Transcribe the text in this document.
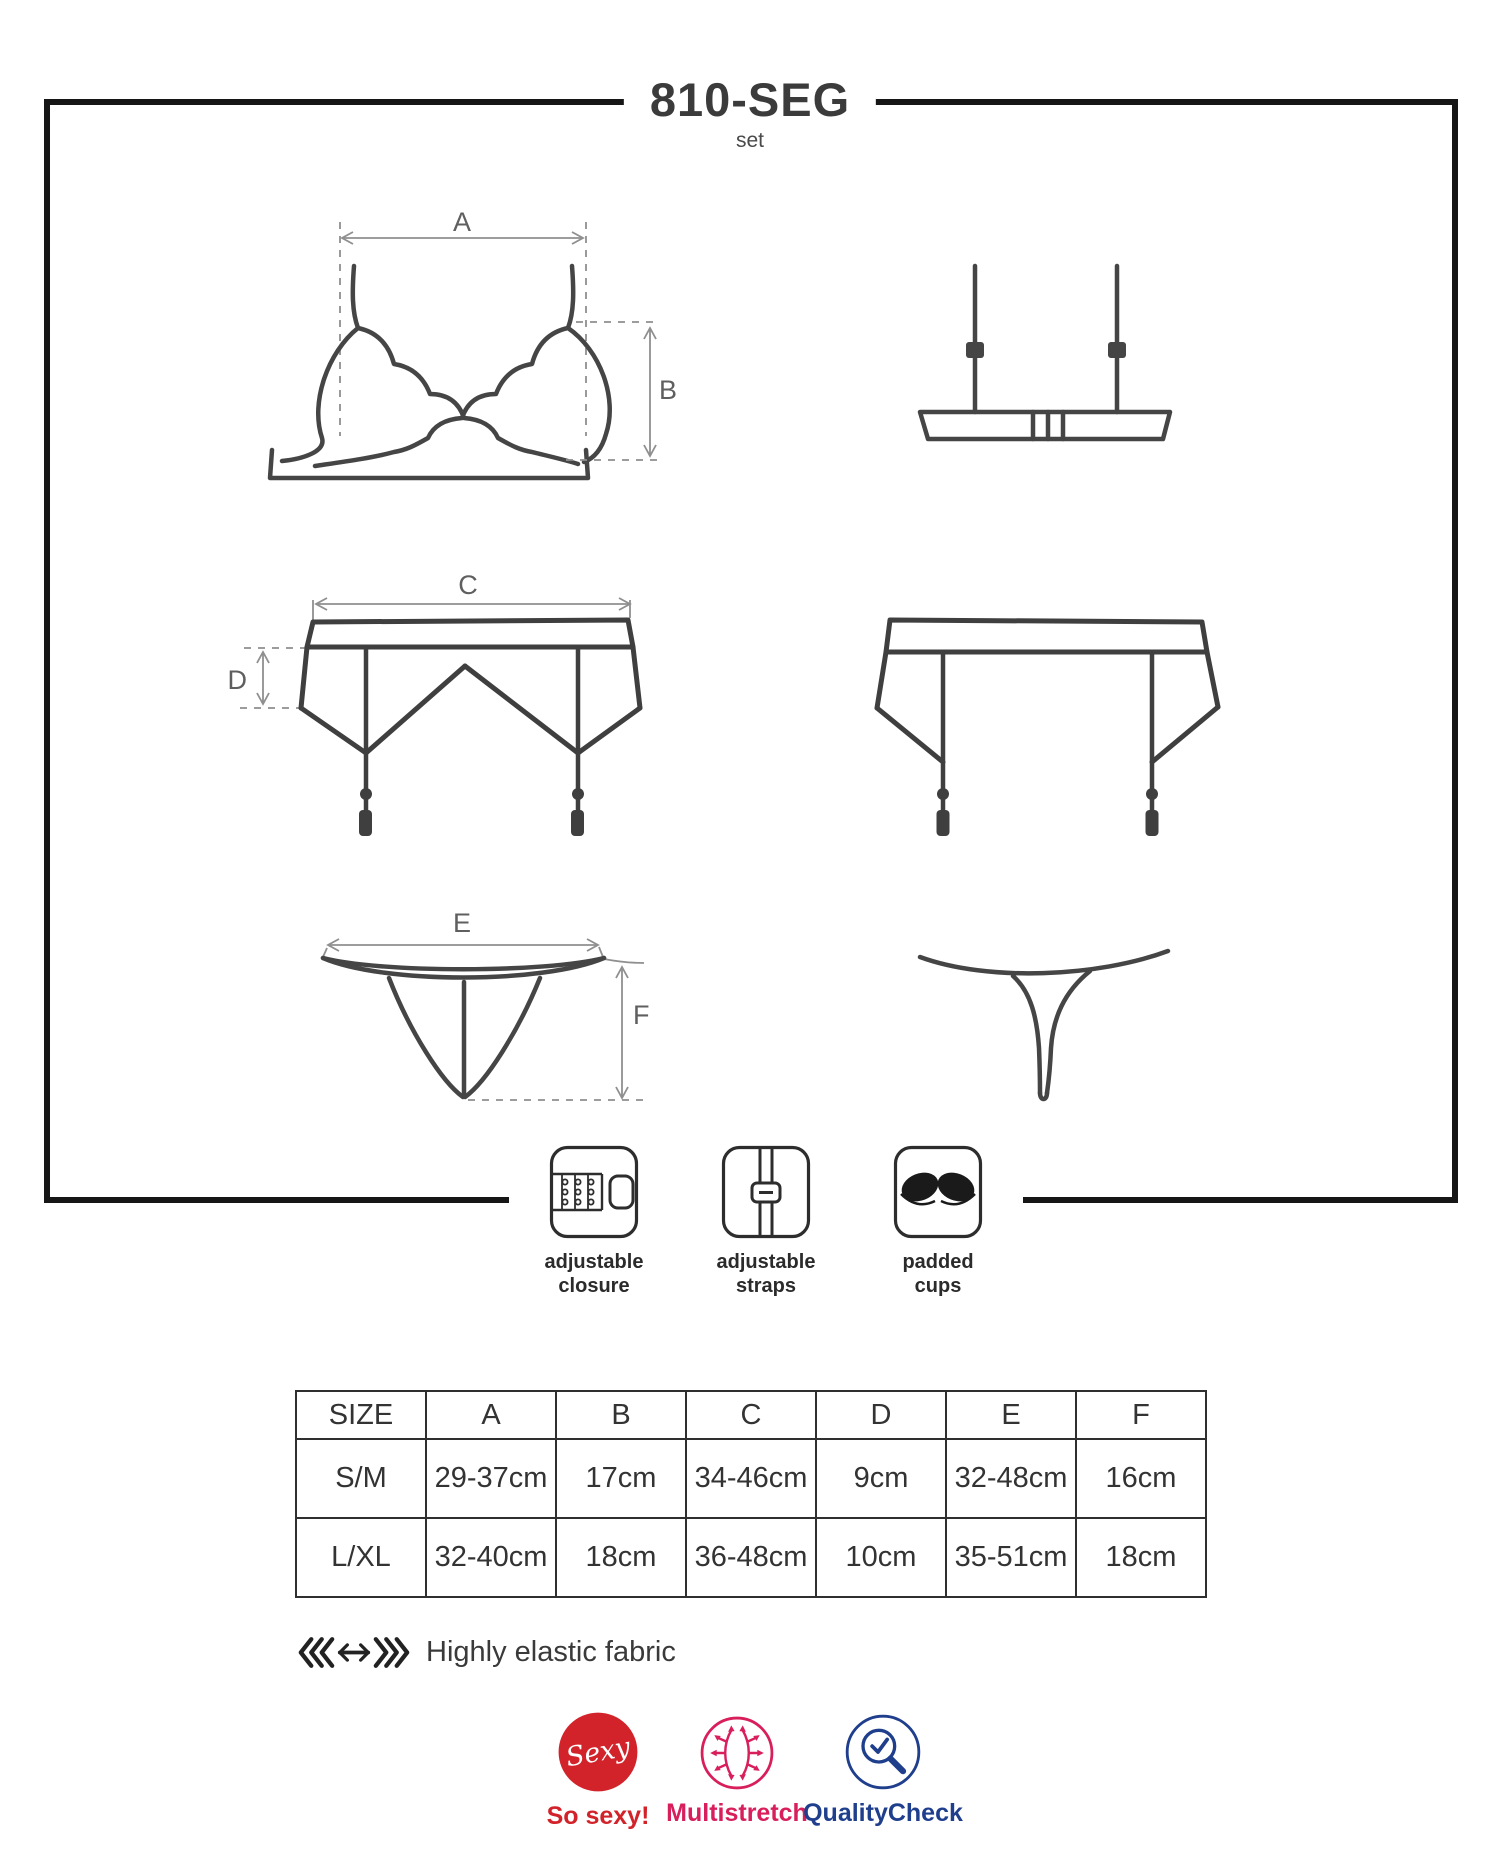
A
B
C
D
E
F
810-SEG
set
adjustable closure
adjustable straps
padded cups
SIZE	A	B	C	D	E	F
S/M	29-37cm	17cm	34-46cm	9cm	32-48cm	16cm
L/XL	32-40cm	18cm	36-48cm	10cm	35-51cm	18cm
Highly elastic fabric
Sexy
So sexy! Multistretch
QualityCheck
